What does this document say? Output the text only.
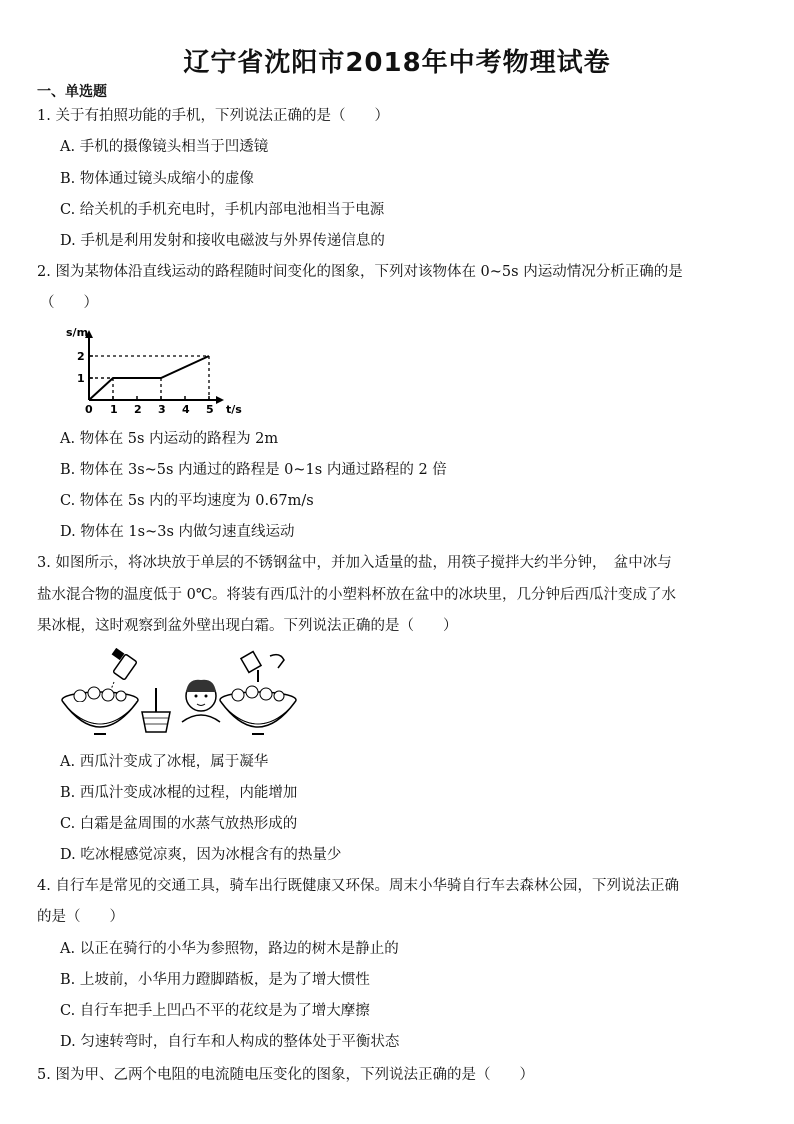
辽宁省沈阳市2018年中考物理试卷
一、单选题
1. 关于有拍照功能的手机，下列说法正确的是（　　）
A. 手机的摄像镜头相当于凹透镜
B. 物体通过镜头成缩小的虚像
C. 给关机的手机充电时，手机内部电池相当于电源
D. 手机是利用发射和接收电磁波与外界传递信息的
2. 图为某物体沿直线运动的路程随时间变化的图象，下列对该物体在 0~5s 内运动情况分析正确的是
（　　）
s/m
t/s
0 1 2 3 4 5
1
2
A. 物体在 5s 内运动的路程为 2m
B. 物体在 3s~5s 内通过的路程是 0~1s 内通过路程的 2 倍
C. 物体在 5s 内的平均速度为 0.67m/s
D. 物体在 1s~3s 内做匀速直线运动
3. 如图所示，将冰块放于单层的不锈钢盆中，并加入适量的盐，用筷子搅拌大约半分钟，　盆中冰与
盐水混合物的温度低于 0℃。将装有西瓜汁的小塑料杯放在盆中的冰块里，几分钟后西瓜汁变成了水
果冰棍，这时观察到盆外壁出现白霜。下列说法正确的是（　　）
A. 西瓜汁变成了冰棍，属于凝华
B. 西瓜汁变成冰棍的过程，内能增加
C. 白霜是盆周围的水蒸气放热形成的
D. 吃冰棍感觉凉爽，因为冰棍含有的热量少
4. 自行车是常见的交通工具，骑车出行既健康又环保。周末小华骑自行车去森林公园，下列说法正确
的是（　　）
A. 以正在骑行的小华为参照物，路边的树木是静止的
B. 上坡前，小华用力蹬脚踏板，是为了增大惯性
C. 自行车把手上凹凸不平的花纹是为了增大摩擦
D. 匀速转弯时，自行车和人构成的整体处于平衡状态
5. 图为甲、乙两个电阻的电流随电压变化的图象，下列说法正确的是（　　）
